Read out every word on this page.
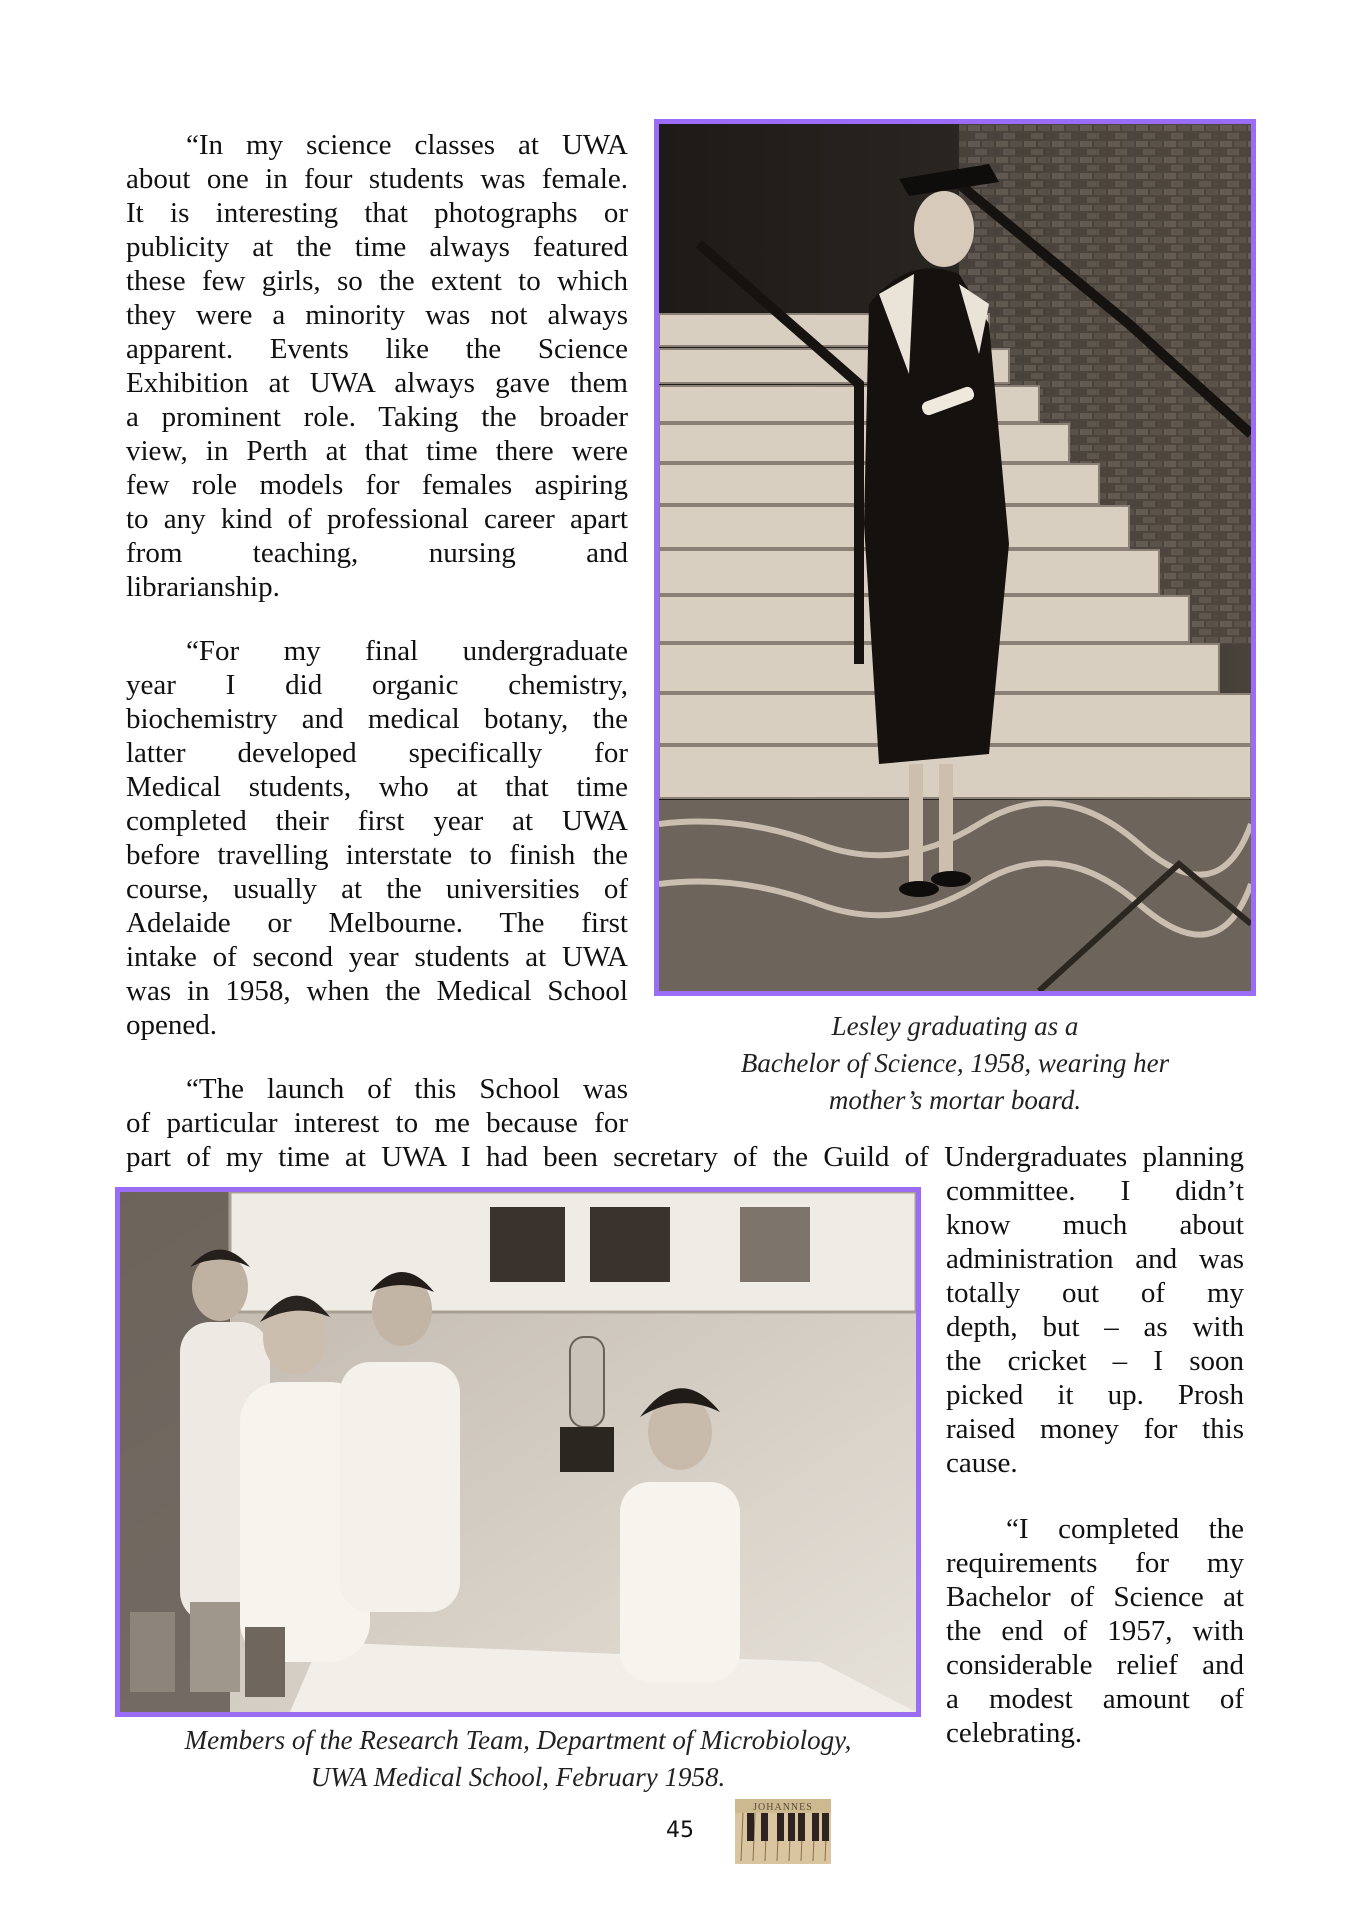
“In my science classes at UWA
about one in four students was female.
It is interesting that photographs or
publicity at the time always featured
these few girls, so the extent to which
they were a minority was not always
apparent. Events like the Science
Exhibition at UWA always gave them
a prominent role. Taking the broader
view, in Perth at that time there were
few role models for females aspiring
to any kind of professional career apart
from teaching, nursing and
librarianship.
“For my final undergraduate
year I did organic chemistry,
biochemistry and medical botany, the
latter developed specifically for
Medical students, who at that time
completed their first year at UWA
before travelling interstate to finish the
course, usually at the universities of
Adelaide or Melbourne. The first
intake of second year students at UWA
was in 1958, when the Medical School
opened.
“The launch of this School was
of particular interest to me because for
part of my time at UWA I had been secretary of the Guild of Undergraduates planning
committee. I didn’t
know much about
administration and was
totally out of my
depth, but – as with
the cricket – I soon
picked it up. Prosh
raised money for this
cause.
“I completed the
requirements for my
Bachelor of Science at
the end of 1957, with
considerable relief and
a modest amount of
celebrating.
Lesley graduating as a
Bachelor of Science, 1958, wearing her
mother’s mortar board.
Members of the Research Team, Department of Microbiology,
UWA Medical School, February 1958.
45
JOHANNES
